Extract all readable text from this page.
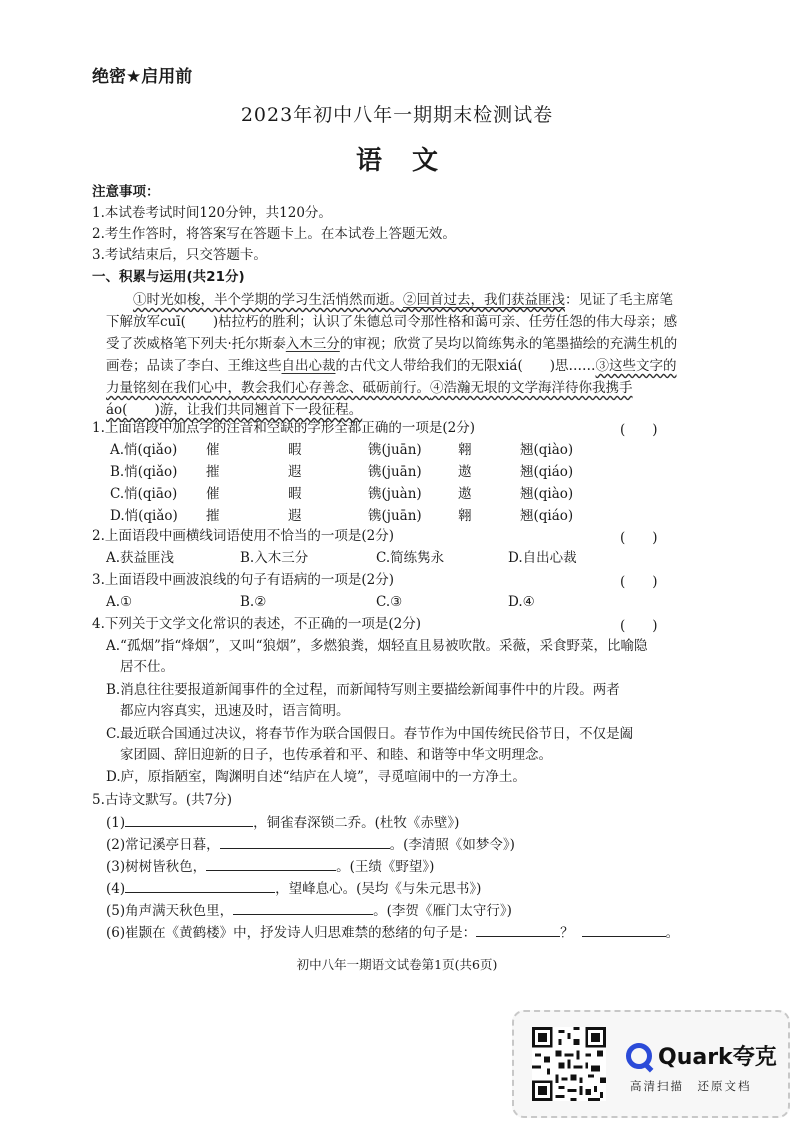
绝密★启用前
2023年初中八年一期期末检测试卷
语文
注意事项：
1.本试卷考试时间120分钟，共120分。
2.考生作答时，将答案写在答题卡上。在本试卷上答题无效。
3.考试结束后，只交答题卡。
一、积累与运用(共21分)
①时光如梭，半个学期的学习生活悄然而逝。②回首过去，我们获益匪浅：见证了毛主席笔下解放军cuī(　　)枯拉朽的胜利；认识了朱德总司令那性格和蔼可亲、任劳任怨的伟大母亲；感受了茨威格笔下列夫·托尔斯泰入木三分的审视；欣赏了吴均以简练隽永的笔墨描绘的充满生机的画卷；品读了李白、王维这些自出心裁的古代文人带给我们的无限xiá(　　)思……③这些文字的力量铭刻在我们心中，教会我们心存善念、砥砺前行。④浩瀚无垠的文学海洋待你我携手áo(　　)游，让我们共同翘首下一段征程。
1.上面语段中加点字的注音和空缺的字形全都正确的一项是(2分)	(　　)
A.悄(qiǎo) 催	暇	镌(juān)	翱	翘(qiào)
B.悄(qiǎo) 摧	遐	镌(juān)	遨	翘(qiáo)
C.悄(qiāo) 催	暇	镌(juàn)	遨	翘(qiào)
D.悄(qiǎo) 摧	遐	镌(juān)	翱	翘(qiáo)
2.上面语段中画横线词语使用不恰当的一项是(2分)	(　　)
A.获益匪浅	B.入木三分	C.简练隽永	D.自出心裁
3.上面语段中画波浪线的句子有语病的一项是(2分)	(　　)
A.①	B.②	C.③	D.④
4.下列关于文学文化常识的表述，不正确的一项是(2分)	(　　)
A.“孤烟”指“烽烟”，又叫“狼烟”，多燃狼粪，烟轻直且易被吹散。采薇，采食野菜，比喻隐
居不仕。
B.消息往往要报道新闻事件的全过程，而新闻特写则主要描绘新闻事件中的片段。两者
都应内容真实，迅速及时，语言简明。
C.最近联合国通过决议，将春节作为联合国假日。春节作为中国传统民俗节日，不仅是阖
家团圆、辞旧迎新的日子，也传承着和平、和睦、和谐等中华文明理念。
D.庐，原指陋室，陶渊明自述“结庐在人境”，寻觅喧闹中的一方净土。
5.古诗文默写。(共7分)
(1)	，铜雀春深锁二乔。(杜牧《赤壁》)
(2)常记溪亭日暮，	。(李清照《如梦令》)
(3)树树皆秋色，	。(王绩《野望》)
(4)	，望峰息心。(吴均《与朱元思书》)
(5)角声满天秋色里，	。(李贺《雁门太守行》)
(6)崔颢在《黄鹤楼》中，抒发诗人归思难禁的愁绪的句子是：	？	。
初中八年一期语文试卷第1页(共6页)
Quark夸克
高清扫描　还原文档
